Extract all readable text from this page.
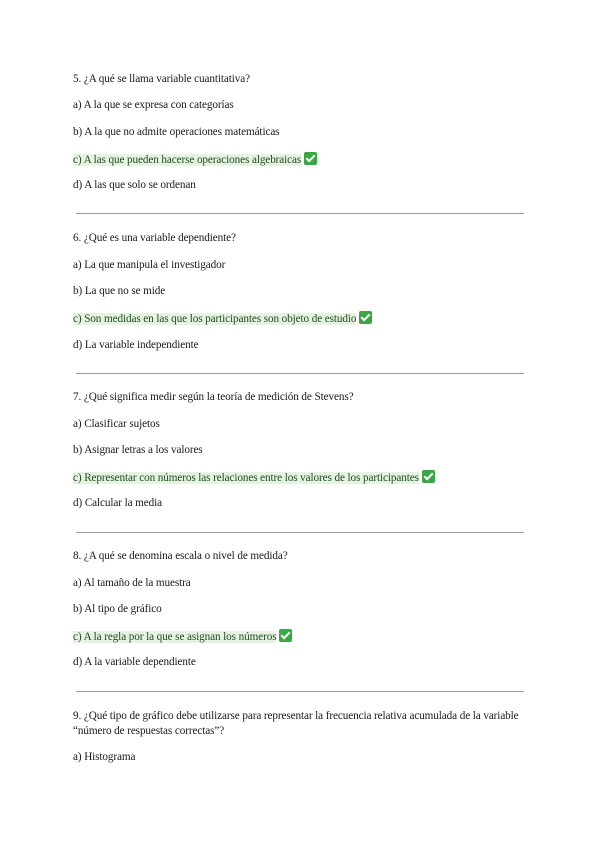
5. ¿A qué se llama variable cuantitativa?

a) A la que se expresa con categorías

b) A la que no admite operaciones matemáticas

c) A las que pueden hacerse operaciones algebraicas

d) A las que solo se ordenan

6. ¿Qué es una variable dependiente?

a) La que manipula el investigador

b) La que no se mide

c) Son medidas en las que los participantes son objeto de estudio

d) La variable independiente

7. ¿Qué significa medir según la teoría de medición de Stevens?

a) Clasificar sujetos

b) Asignar letras a los valores

c) Representar con números las relaciones entre los valores de los participantes

d) Calcular la media

8. ¿A qué se denomina escala o nivel de medida?

a) Al tamaño de la muestra

b) Al tipo de gráfico

c) A la regla por la que se asignan los números

d) A la variable dependiente

9. ¿Qué tipo de gráfico debe utilizarse para representar la frecuencia relativa acumulada de la variable “número de respuestas correctas”?

a) Histograma
